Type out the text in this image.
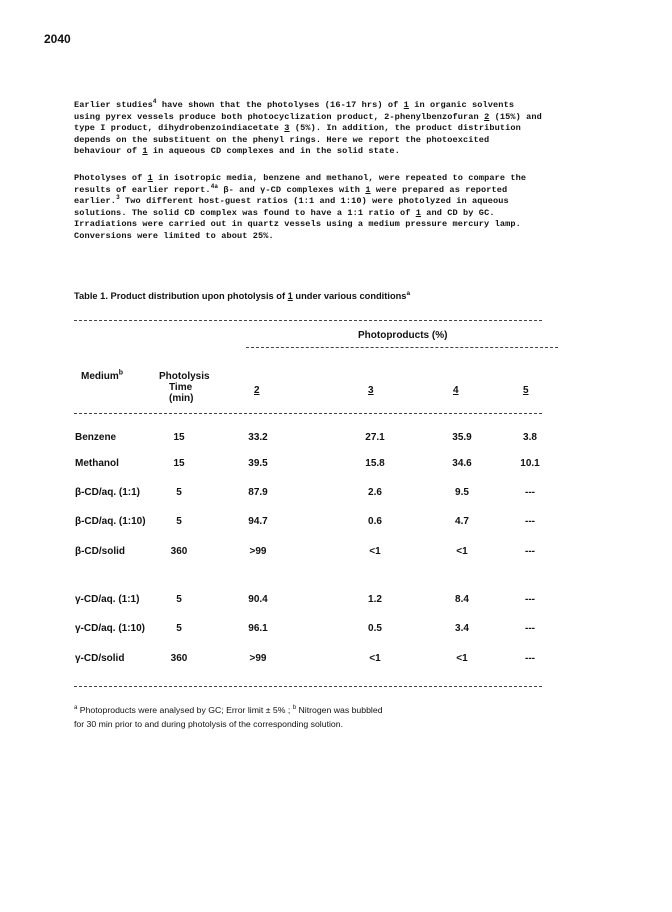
2040

Earlier studies$^4$ have shown that the photolyses (16-17 hrs) of 1 in organic solvents

using pyrex vessels produce both photocyclization product, 2-phenylbenzofuran 2 (15%) and

type I product, dihydrobenzoindiacetate 3 (5%). In addition, the product distribution

depends on the substituent on the phenyl rings. Here we report the photoexcited

behaviour of 1 in aqueous CD complexes and in the solid state.

Photolyses of 1 in isotropic media, benzene and methanol, were repeated to compare the

results of earlier report.$^{4a}$ β- and γ-CD complexes with 1 were prepared as reported

earlier.$^3$ Two different host-guest ratios (1:1 and 1:10) were photolyzed in aqueous

solutions. The solid CD complex was found to have a 1:1 ratio of 1 and CD by GC.

Irradiations were carried out in quartz vessels using a medium pressure mercury lamp.

Conversions were limited to about 25%.

Table 1. Product distribution upon photolysis of 1 under various conditions$^a$
Photoproducts (%)
Medium$^b$	Photolysis
Time
(min)
2	3	4	5
Benzene	15	33.2	27.1	35.9	3.8
Methanol	15	39.5	15.8	34.6	10.1
β-CD/aq. (1:1)	5	87.9	2.6	9.5	---
β-CD/aq. (1:10)	5	94.7	0.6	4.7	---
β-CD/solid	360	>99	<1	<1	---
γ-CD/aq. (1:1)	5	90.4	1.2	8.4	---
γ-CD/aq. (1:10)	5	96.1	0.5	3.4	---
γ-CD/solid	360	>99	<1	<1	---
$^a$ Photoproducts were analysed by GC; Error limit ± 5% ; $^b$ Nitrogen was bubbled
for 30 min prior to and during photolysis of the corresponding solution.
